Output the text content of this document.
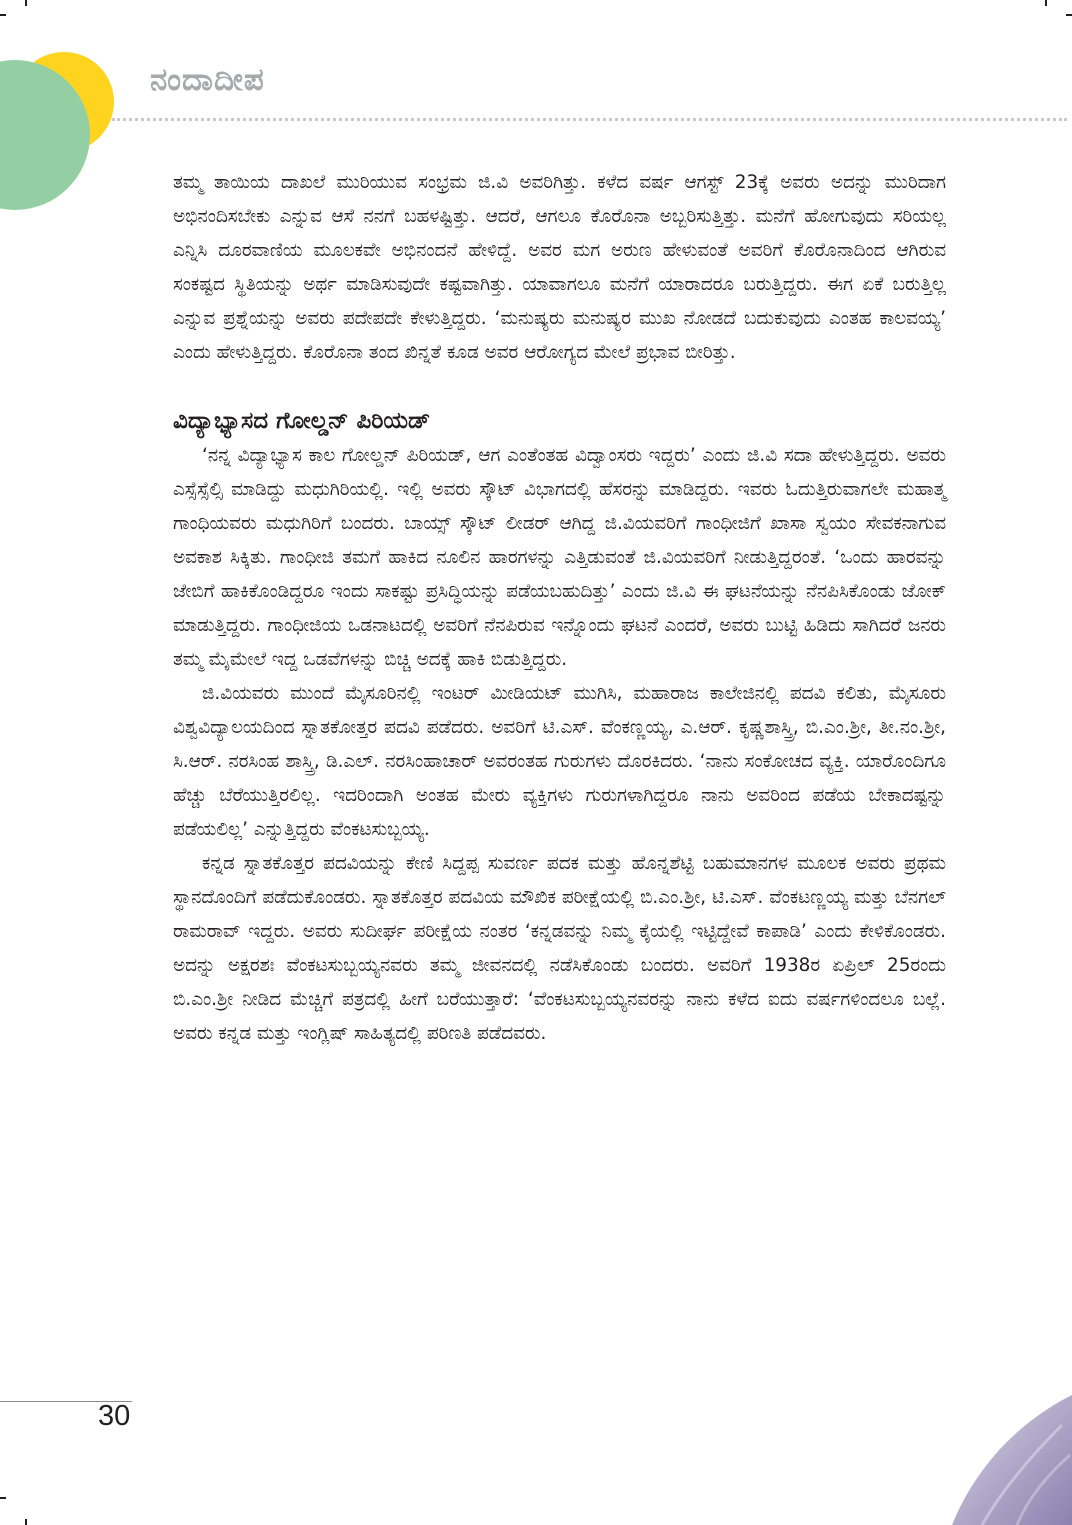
ನಂದಾದೀಪ

ತಮ್ಮ ತಾಯಿಯ ದಾಖಲೆ ಮುರಿಯುವ ಸಂಭ್ರಮ ಜಿ.ವಿ ಅವರಿಗಿತ್ತು. ಕಳೆದ ವರ್ಷ ಆಗಸ್ಟ್ 23ಕ್ಕೆ ಅವರು ಅದನ್ನು ಮುರಿದಾಗ ಅಭಿನಂದಿಸಬೇಕು ಎನ್ನುವ ಆಸೆ ನನಗೆ ಬಹಳಷ್ಟಿತ್ತು. ಆದರೆ, ಆಗಲೂ ಕೊರೊನಾ ಅಬ್ಬರಿಸುತ್ತಿತ್ತು. ಮನೆಗೆ ಹೋಗುವುದು ಸರಿಯಲ್ಲ ಎನ್ನಿಸಿ ದೂರವಾಣಿಯ ಮೂಲಕವೇ ಅಭಿನಂದನೆ ಹೇಳಿದ್ದೆ. ಅವರ ಮಗ ಅರುಣ ಹೇಳುವಂತೆ ಅವರಿಗೆ ಕೊರೊನಾದಿಂದ ಆಗಿರುವ ಸಂಕಷ್ಟದ ಸ್ಥಿತಿಯನ್ನು ಅರ್ಥ ಮಾಡಿಸುವುದೇ ಕಷ್ಟವಾಗಿತ್ತು. ಯಾವಾಗಲೂ ಮನೆಗೆ ಯಾರಾದರೂ ಬರುತ್ತಿದ್ದರು. ಈಗ ಏಕೆ ಬರುತ್ತಿಲ್ಲ ಎನ್ನುವ ಪ್ರಶ್ನೆಯನ್ನು ಅವರು ಪದೇಪದೇ ಕೇಳುತ್ತಿದ್ದರು. ‘ಮನುಷ್ಯರು ಮನುಷ್ಯರ ಮುಖ ನೋಡದೆ ಬದುಕುವುದು ಎಂತಹ ಕಾಲವಯ್ಯ’ ಎಂದು ಹೇಳುತ್ತಿದ್ದರು. ಕೊರೊನಾ ತಂದ ಖಿನ್ನತೆ ಕೂಡ ಅವರ ಆರೋಗ್ಯದ ಮೇಲೆ ಪ್ರಭಾವ ಬೀರಿತ್ತು.

ವಿದ್ಯಾಭ್ಯಾಸದ ಗೋಲ್ಡನ್ ಪಿರಿಯಡ್

‘ನನ್ನ ವಿದ್ಯಾಭ್ಯಾಸ ಕಾಲ ಗೋಲ್ಡನ್ ಪಿರಿಯಡ್, ಆಗ ಎಂತೆಂತಹ ವಿದ್ವಾಂಸರು ಇದ್ದರು’ ಎಂದು ಜಿ.ವಿ ಸದಾ ಹೇಳುತ್ತಿದ್ದರು. ಅವರು ಎಸ್ಸೆಸ್ಸೆಲ್ಸಿ ಮಾಡಿದ್ದು ಮಧುಗಿರಿಯಲ್ಲಿ. ಇಲ್ಲಿ ಅವರು ಸ್ಕೌಟ್ ವಿಭಾಗದಲ್ಲಿ ಹೆಸರನ್ನು ಮಾಡಿದ್ದರು. ಇವರು ಓದುತ್ತಿರುವಾಗಲೇ ಮಹಾತ್ಮ ಗಾಂಧಿಯವರು ಮಧುಗಿರಿಗೆ ಬಂದರು. ಬಾಯ್ಸ್ ಸ್ಕೌಟ್ ಲೀಡರ್ ಆಗಿದ್ದ ಜಿ.ವಿಯವರಿಗೆ ಗಾಂಧೀಜಿಗೆ ಖಾಸಾ ಸ್ವಯಂ ಸೇವಕನಾಗುವ ಅವಕಾಶ ಸಿಕ್ಕಿತು. ಗಾಂಧೀಜಿ ತಮಗೆ ಹಾಕಿದ ನೂಲಿನ ಹಾರಗಳನ್ನು ಎತ್ತಿಡುವಂತೆ ಜಿ.ವಿಯವರಿಗೆ ನೀಡುತ್ತಿದ್ದರಂತೆ. ‘ಒಂದು ಹಾರವನ್ನು ಜೇಬಿಗೆ ಹಾಕಿಕೊಂಡಿದ್ದರೂ ಇಂದು ಸಾಕಷ್ಟು ಪ್ರಸಿದ್ಧಿಯನ್ನು ಪಡೆಯಬಹುದಿತ್ತು’ ಎಂದು ಜಿ.ವಿ ಈ ಘಟನೆಯನ್ನು ನೆನಪಿಸಿಕೊಂಡು ಜೋಕ್ ಮಾಡುತ್ತಿದ್ದರು. ಗಾಂಧೀಜಿಯ ಒಡನಾಟದಲ್ಲಿ ಅವರಿಗೆ ನೆನಪಿರುವ ಇನ್ನೊಂದು ಘಟನೆ ಎಂದರೆ, ಅವರು ಬುಟ್ಟಿ ಹಿಡಿದು ಸಾಗಿದರೆ ಜನರು ತಮ್ಮ ಮೈಮೇಲೆ ಇದ್ದ ಒಡವೆಗಳನ್ನು ಬಿಚ್ಚಿ ಅದಕ್ಕೆ ಹಾಕಿ ಬಿಡುತ್ತಿದ್ದರು.

ಜಿ.ವಿಯವರು ಮುಂದೆ ಮೈಸೂರಿನಲ್ಲಿ ಇಂಟರ್ ಮೀಡಿಯಟ್ ಮುಗಿಸಿ, ಮಹಾರಾಜ ಕಾಲೇಜಿನಲ್ಲಿ ಪದವಿ ಕಲಿತು, ಮೈಸೂರು ವಿಶ್ವವಿದ್ಯಾಲಯದಿಂದ ಸ್ನಾತಕೋತ್ತರ ಪದವಿ ಪಡೆದರು. ಅವರಿಗೆ ಟಿ.ಎಸ್. ವೆಂಕಣ್ಣಯ್ಯ, ಎ.ಆರ್. ಕೃಷ್ಣಶಾಸ್ತ್ರಿ, ಬಿ.ಎಂ.ಶ್ರೀ, ತೀ.ನಂ.ಶ್ರೀ, ಸಿ.ಆರ್. ನರಸಿಂಹ ಶಾಸ್ತ್ರಿ, ಡಿ.ಎಲ್. ನರಸಿಂಹಾಚಾರ್ ಅವರಂತಹ ಗುರುಗಳು ದೊರಕಿದರು. ‘ನಾನು ಸಂಕೋಚದ ವ್ಯಕ್ತಿ. ಯಾರೊಂದಿಗೂ ಹೆಚ್ಚು ಬೆರೆಯುತ್ತಿರಲಿಲ್ಲ. ಇದರಿಂದಾಗಿ ಅಂತಹ ಮೇರು ವ್ಯಕ್ತಿಗಳು ಗುರುಗಳಾಗಿದ್ದರೂ ನಾನು ಅವರಿಂದ ಪಡೆಯ ಬೇಕಾದಷ್ಟನ್ನು ಪಡೆಯಲಿಲ್ಲ’ ಎನ್ನುತ್ತಿದ್ದರು ವೆಂಕಟಸುಬ್ಬಯ್ಯ.

ಕನ್ನಡ ಸ್ನಾತಕೊತ್ತರ ಪದವಿಯನ್ನು ಕೇಣಿ ಸಿದ್ದಪ್ಪ ಸುವರ್ಣ ಪದಕ ಮತ್ತು ಹೊನ್ನಶೆಟ್ಟಿ ಬಹುಮಾನಗಳ ಮೂಲಕ ಅವರು ಪ್ರಥಮ ಸ್ಥಾನದೊಂದಿಗೆ ಪಡೆದುಕೊಂಡರು. ಸ್ನಾತಕೊತ್ತರ ಪದವಿಯ ಮೌಖಿಕ ಪರೀಕ್ಷೆಯಲ್ಲಿ ಬಿ.ಎಂ.ಶ್ರೀ, ಟಿ.ಎಸ್. ವೆಂಕಟಣ್ಣಯ್ಯ ಮತ್ತು ಬೆನಗಲ್ ರಾಮರಾವ್ ಇದ್ದರು. ಅವರು ಸುದೀರ್ಘ ಪರೀಕ್ಷೆಯ ನಂತರ ‘ಕನ್ನಡವನ್ನು ನಿಮ್ಮ ಕೈಯಲ್ಲಿ ಇಟ್ಟಿದ್ದೇವೆ ಕಾಪಾಡಿ’ ಎಂದು ಕೇಳಿಕೊಂಡರು. ಅದನ್ನು ಅಕ್ಷರಶಃ ವೆಂಕಟಸುಬ್ಬಯ್ಯನವರು ತಮ್ಮ ಜೀವನದಲ್ಲಿ ನಡೆಸಿಕೊಂಡು ಬಂದರು. ಅವರಿಗೆ 1938ರ ಏಪ್ರಿಲ್ 25ರಂದು ಬಿ.ಎಂ.ಶ್ರೀ ನೀಡಿದ ಮೆಚ್ಚಿಗೆ ಪತ್ರದಲ್ಲಿ ಹೀಗೆ ಬರೆಯುತ್ತಾರೆ: ‘ವೆಂಕಟಸುಬ್ಬಯ್ಯನವರನ್ನು ನಾನು ಕಳೆದ ಐದು ವರ್ಷಗಳಿಂದಲೂ ಬಲ್ಲೆ. ಅವರು ಕನ್ನಡ ಮತ್ತು ಇಂಗ್ಲಿಷ್ ಸಾಹಿತ್ಯದಲ್ಲಿ ಪರಿಣತಿ ಪಡೆದವರು.

30
